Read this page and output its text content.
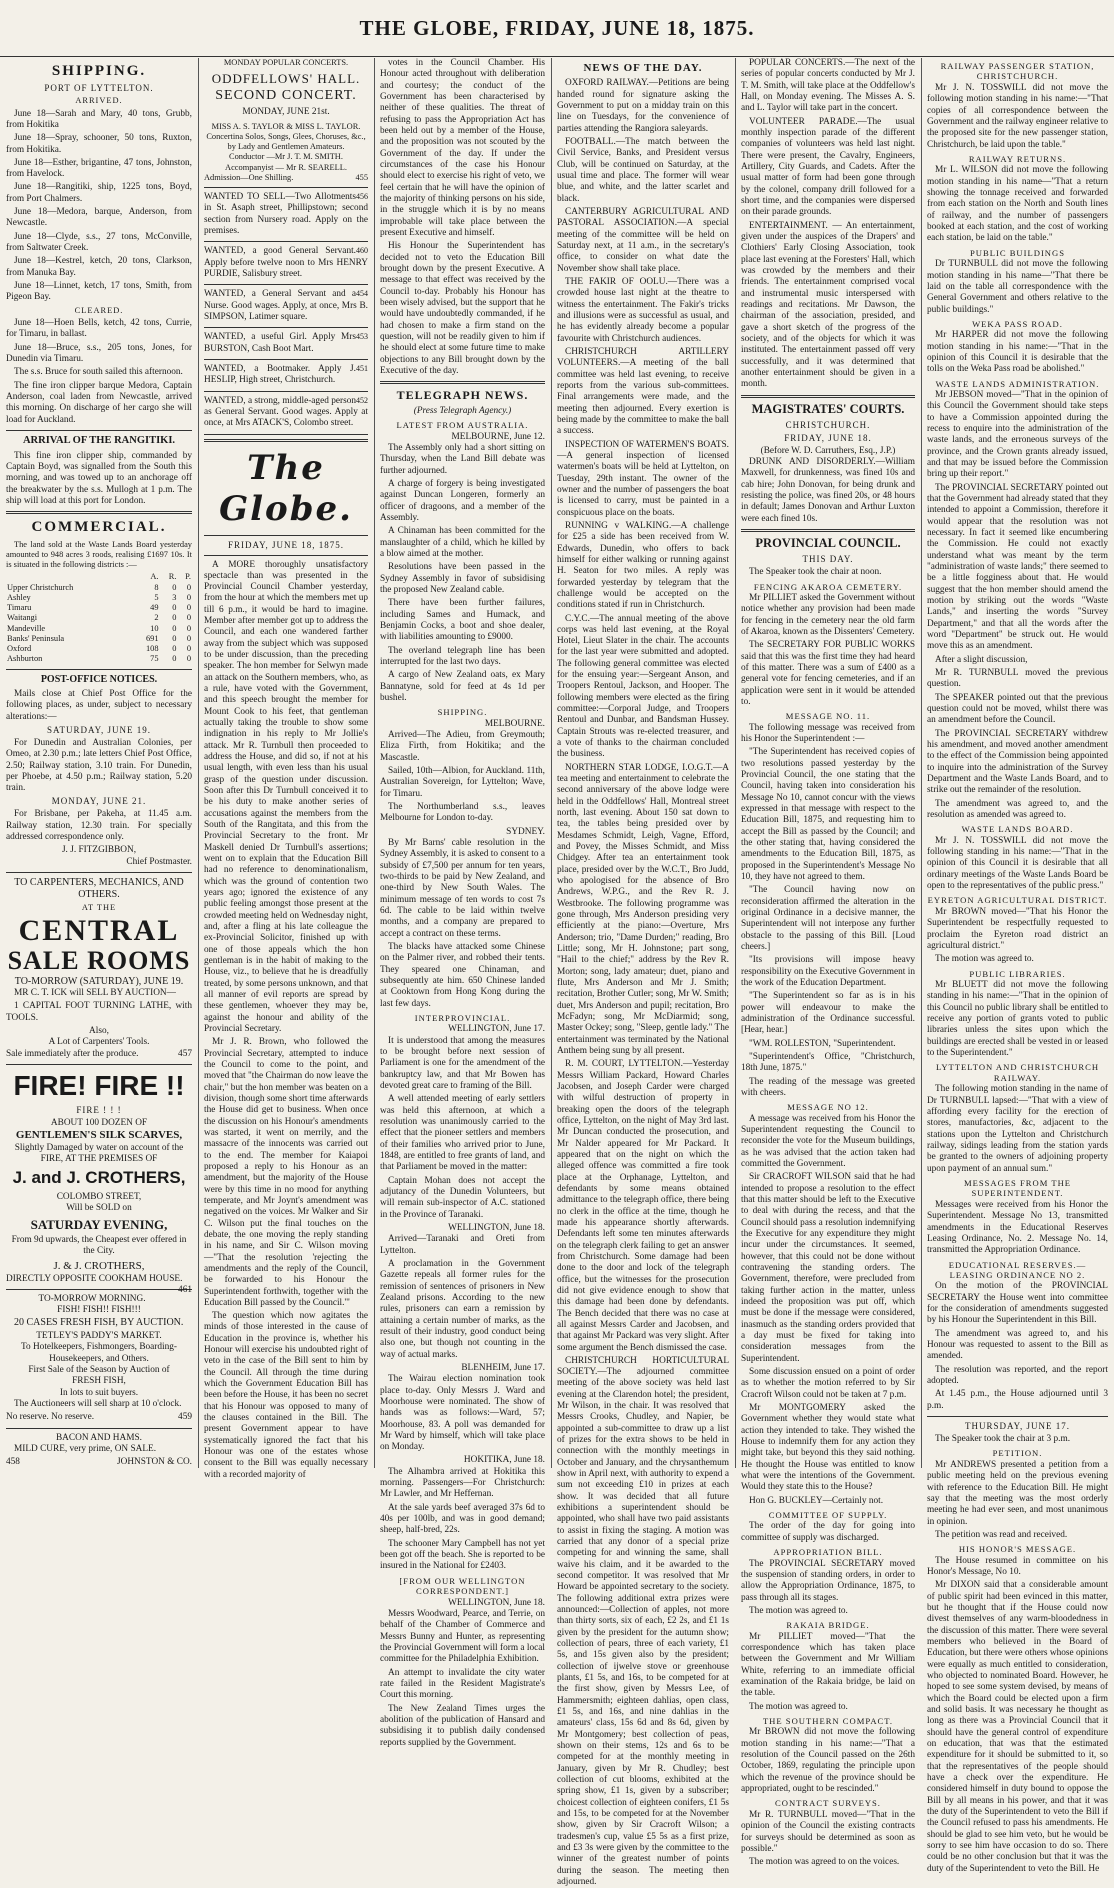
THE GLOBE, FRIDAY, JUNE 18, 1875.
SHIPPING.
PORT OF LYTTELTON.
ARRIVED.

June 18—Sarah and Mary, 40 tons, Grubb, from Hokitika

June 18—Spray, schooner, 50 tons, Ruxton, from Hokitika.

June 18—Esther, brigantine, 47 tons, Johnston, from Havelock.

June 18—Rangitiki, ship, 1225 tons, Boyd, from Port Chalmers.

June 18—Medora, barque, Anderson, from Newcastle.

June 18—Clyde, s.s., 27 tons, McConville, from Saltwater Creek.

June 18—Kestrel, ketch, 20 tons, Clarkson, from Manuka Bay.

June 18—Linnet, ketch, 17 tons, Smith, from Pigeon Bay.

CLEARED.

June 18—Hoen Bells, ketch, 42 tons, Currie, for Timaru, in ballast.

June 18—Bruce, s.s., 205 tons, Jones, for Dunedin via Timaru.

The s.s. Bruce for south sailed this afternoon.

The fine iron clipper barque Medora, Captain Anderson, coal laden from Newcastle, arrived this morning. On discharge of her cargo she will load for Auckland.

ARRIVAL OF THE RANGITIKI.

This fine iron clipper ship, commanded by Captain Boyd, was signalled from the South this morning, and was towed up to an anchorage off the breakwater by the s.s. Mullogh at 1 p.m. The ship will load at this port for London.

COMMERCIAL.

The land sold at the Waste Lands Board yesterday amounted to 948 acres 3 roods, realising £1697 10s. It is situated in the following districts :—

	A.	R.	P.
Upper Christchurch	8	0	0
Ashley	5	3	0
Timaru	49	0	0
Waitangi	2	0	0
Mandeville	10	0	0
Banks' Peninsula	691	0	0
Oxford	108	0	0
Ashburton	75	0	0
POST-OFFICE NOTICES.

Mails close at Chief Post Office for the following places, as under, subject to necessary alterations:—

SATURDAY, JUNE 19.

For Dunedin and Australian Colonies, per Omeo, at 2.30 p.m.; late letters Chief Post Office, 2.50; Railway station, 3.10 train. For Dunedin, per Phoebe, at 4.50 p.m.; Railway station, 5.20 train.

MONDAY, JUNE 21.

For Brisbane, per Pakeha, at 11.45 a.m. Railway station, 12.30 train. For specially addressed correspondence only.

J. J. FITZGIBBON,
Chief Postmaster.
TO CARPENTERS, MECHANICS, AND OTHERS.
AT THE
CENTRAL
SALE ROOMS
TO-MORROW (SATURDAY), JUNE 19.

MR C. T. ICK will SELL BY AUCTION—

1 CAPITAL FOOT TURNING LATHE, with TOOLS.

Also,
A Lot of Carpenters' Tools.
Sale immediately after the produce.	457
FIRE! FIRE !!
FIRE ! ! !
ABOUT 100 DOZEN OF
GENTLEMEN'S SILK SCARVES,
Slightly Damaged by water on account of the
FIRE, AT THE PREMISES OF
J. and J. CROTHERS,
COLOMBO STREET,
Will be SOLD on
SATURDAY EVENING,
From 9d upwards, the Cheapest ever offered in the City.
J. & J. CROTHERS,
DIRECTLY OPPOSITE COOKHAM HOUSE.
461
TO-MORROW MORNING.
FISH! FISH!! FISH!!!

20 CASES FRESH FISH, BY AUCTION.

TETLEY'S PADDY'S MARKET.
To Hotelkeepers, Fishmongers, Boarding-Housekeepers, and Others.
First Sale of the Season by Auction of
FRESH FISH,
In lots to suit buyers.

The Auctioneers will sell sharp at 10 o'clock.

No reserve. No reserve.	459
BACON AND HAMS.

MILD CURE, very prime, ON SALE.

458	JOHNSTON & CO.
MONDAY POPULAR CONCERTS.
ODDFELLOWS' HALL.
SECOND CONCERT.
MONDAY, JUNE 21st.
MISS A. S. TAYLOR & MISS L. TAYLOR.
Concertina Solos, Songs, Glees, Choruses, &c., by Lady and Gentlemen Amateurs.
Conductor —Mr J. T. M. SMITH.
Accompanyist — Mr R. SEARELL.
Admission—One Shilling.	455
456
WANTED TO SELL—Two Allotments in St. Asaph street, Phillipstown; second section from Nursery road. Apply on the premises.
460
WANTED, a good General Servant. Apply before twelve noon to Mrs HENRY PURDIE, Salisbury street.
454
WANTED, a General Servant and a Nurse. Good wages. Apply, at once, Mrs B. SIMPSON, Latimer square.
453
WANTED, a useful Girl. Apply Mrs BURSTON, Cash Boot Mart.
451
WANTED, a Bootmaker. Apply J. HESLIP, High street, Christchurch.
452
WANTED, a strong, middle-aged person as General Servant. Good wages. Apply at once, at Mrs ATACK'S, Colombo street.
The Globe.
FRIDAY, JUNE 18, 1875.

A MORE thoroughly unsatisfactory spectacle than was presented in the Provincial Council Chamber yesterday, from the hour at which the members met up till 6 p.m., it would be hard to imagine. Member after member got up to address the Council, and each one wandered farther away from the subject which was supposed to be under discussion, than the preceding speaker. The hon member for Selwyn made an attack on the Southern members, who, as a rule, have voted with the Government, and this speech brought the member for Mount Cook to his feet, that gentleman actually taking the trouble to show some indignation in his reply to Mr Jollie's attack. Mr R. Turnbull then proceeded to address the House, and did so, if not at his usual length, with even less than his usual grasp of the question under discussion. Soon after this Dr Turnbull conceived it to be his duty to make another series of accusations against the members from the South of the Rangitata, and this from the Provincial Secretary to the front. Mr Maskell denied Dr Turnbull's assertions; went on to explain that the Education Bill had no reference to denominationalism, which was the ground of contention two years ago; ignored the existence of any public feeling amongst those present at the crowded meeting held on Wednesday night, and, after a fling at his late colleague the ex-Provincial Solicitor, finished up with one of those appeals which the hon gentleman is in the habit of making to the House, viz., to believe that he is dreadfully treated, by some persons unknown, and that all manner of evil reports are spread by these gentlemen, whoever they may be, against the honour and ability of the Provincial Secretary.

Mr J. R. Brown, who followed the Provincial Secretary, attempted to induce the Council to come to the point, and moved that "the Chairman do now leave the chair," but the hon member was beaten on a division, though some short time afterwards the House did get to business. When once the discussion on his Honour's amendments was started, it went on merrily, and the massacre of the innocents was carried out to the end. The member for Kaiapoi proposed a reply to his Honour as an amendment, but the majority of the House were by this time in no mood for anything temperate, and Mr Joynt's amendment was negatived on the voices. Mr Walker and Sir C. Wilson put the final touches on the debate, the one moving the reply standing in his name, and Sir C. Wilson moving—"That the resolution 'rejecting the amendments and the reply of the Council, be forwarded to his Honour the Superintendent forthwith, together with the Education Bill passed by the Council.'"

The question which now agitates the minds of those interested in the cause of Education in the province is, whether his Honour will exercise his undoubted right of veto in the case of the Bill sent to him by the Council. All through the time during which the Government Education Bill has been before the House, it has been no secret that his Honour was opposed to many of the clauses contained in the Bill. The present Government appear to have systematically ignored the fact that his Honour was one of the estates whose consent to the Bill was equally necessary with a recorded majority of

votes in the Council Chamber. His Honour acted throughout with deliberation and courtesy; the conduct of the Government has been characterised by neither of these qualities. The threat of refusing to pass the Appropriation Act has been held out by a member of the House, and the proposition was not scouted by the Government of the day. If under the circumstances of the case his Honour should elect to exercise his right of veto, we feel certain that he will have the opinion of the majority of thinking persons on his side, in the struggle which it is by no means improbable will take place between the present Executive and himself.

His Honour the Superintendent has decided not to veto the Education Bill brought down by the present Executive. A message to that effect was received by the Council to-day. Probably his Honour has been wisely advised, but the support that he would have undoubtedly commanded, if he had chosen to make a firm stand on the question, will not be readily given to him if he should elect at some future time to make objections to any Bill brought down by the Executive of the day.

TELEGRAPH NEWS.
(Press Telegraph Agency.)
LATEST FROM AUSTRALIA.
MELBOURNE, June 12.

The Assembly only had a short sitting on Thursday, when the Land Bill debate was further adjourned.

A charge of forgery is being investigated against Duncan Longeren, formerly an officer of dragoons, and a member of the Assembly.

A Chinaman has been committed for the manslaughter of a child, which he killed by a blow aimed at the mother.

Resolutions have been passed in the Sydney Assembly in favor of subsidising the proposed New Zealand cable.

There have been further failures, including Sames and Humack, and Benjamin Cocks, a boot and shoe dealer, with liabilities amounting to £9000.

The overland telegraph line has been interrupted for the last two days.

A cargo of New Zealand oats, ex Mary Bannatyne, sold for feed at 4s 1d per bushel.

SHIPPING.
MELBOURNE.

Arrived—The Adieu, from Greymouth; Eliza Firth, from Hokitika; and the Mascastle.

Sailed, 10th—Albion, for Auckland. 11th, Australian Sovereign, for Lyttelton; Wave, for Timaru.

The Northumberland s.s., leaves Melbourne for London to-day.

SYDNEY.

By Mr Barns' cable resolution in the Sydney Assembly, it is asked to consent to a subsidy of £7,500 per annum for ten years, two-thirds to be paid by New Zealand, and one-third by New South Wales. The minimum message of ten words to cost 7s 6d. The cable to be laid within twelve months, and a company are prepared to accept a contract on these terms.

The blacks have attacked some Chinese on the Palmer river, and robbed their tents. They speared one Chinaman, and subsequently ate him. 650 Chinese landed at Cooktown from Hong Kong during the last few days.

INTERPROVINCIAL.
WELLINGTON, June 17.

It is understood that among the measures to be brought before next session of Parliament is one for the amendment of the bankruptcy law, and that Mr Bowen has devoted great care to framing of the Bill.

A well attended meeting of early settlers was held this afternoon, at which a resolution was unanimously carried to the effect that the pioneer settlers and members of their families who arrived prior to June, 1848, are entitled to free grants of land, and that Parliament be moved in the matter:

Captain Mohan does not accept the adjutancy of the Dunedin Volunteers, but will remain sub-inspector of A.C. stationed in the Province of Taranaki.

WELLINGTON, June 18.

Arrived—Taranaki and Oreti from Lyttelton.

A proclamation in the Government Gazette repeals all former rules for the remission of sentences of prisoners in New Zealand prisons. According to the new rules, prisoners can earn a remission by attaining a certain number of marks, as the result of their industry, good conduct being also one, but though not counting in the way of actual marks.

BLENHEIM, June 17.

The Wairau election nomination took place to-day. Only Messrs J. Ward and Moorhouse were nominated. The show of hands was as follows:—Ward, 57; Moorhouse, 83. A poll was demanded for Mr Ward by himself, which will take place on Monday.

HOKITIKA, June 18.

The Alhambra arrived at Hokitika this morning. Passengers—For Christchurch: Mr Lawler, and Mr Heffernan.

At the sale yards beef averaged 37s 6d to 40s per 100lb, and was in good demand; sheep, half-bred, 22s.

The schooner Mary Campbell has not yet been got off the beach. She is reported to be insured in the National for £2403.

[FROM OUR WELLINGTON CORRESPONDENT.]
WELLINGTON, June 18.

Messrs Woodward, Pearce, and Terrie, on behalf of the Chamber of Commerce and Messrs Bunny and Hunter, as representing the Provincial Government will form a local committee for the Philadelphia Exhibition.

An attempt to invalidate the city water rate failed in the Resident Magistrate's Court this morning.

The New Zealand Times urges the abolition of the publication of Hansard and subsidising it to publish daily condensed reports supplied by the Government.

NEWS OF THE DAY.

OXFORD RAILWAY.—Petitions are being handed round for signature asking the Government to put on a midday train on this line on Tuesdays, for the convenience of parties attending the Rangiora saleyards.

FOOTBALL.—The match between the Civil Service, Banks, and President versus Club, will be continued on Saturday, at the usual time and place. The former will wear blue, and white, and the latter scarlet and black.

CANTERBURY AGRICULTURAL AND PASTORAL ASSOCIATION.—A special meeting of the committee will be held on Saturday next, at 11 a.m., in the secretary's office, to consider on what date the November show shall take place.

THE FAKIR OF OOLU.—There was a crowded house last night at the theatre to witness the entertainment. The Fakir's tricks and illusions were as successful as usual, and he has evidently already become a popular favourite with Christchurch audiences.

CHRISTCHURCH ARTILLERY VOLUNTEERS.—A meeting of the ball committee was held last evening, to receive reports from the various sub-committees. Final arrangements were made, and the meeting then adjourned. Every exertion is being made by the committee to make the ball a success.

INSPECTION OF WATERMEN'S BOATS.—A general inspection of licensed watermen's boats will be held at Lyttelton, on Tuesday, 29th instant. The owner of the owner and the number of passengers the boat is licensed to carry, must be painted in a conspicuous place on the boats.

RUNNING v WALKING.—A challenge for £25 a side has been received from W. Edwards, Dunedin, who offers to back himself for either walking or running against H. Seaton for two miles. A reply was forwarded yesterday by telegram that the challenge would be accepted on the conditions stated if run in Christchurch.

C.Y.C.—The annual meeting of the above corps was held last evening, at the Royal Hotel, Lieut Slater in the chair. The accounts for the last year were submitted and adopted. The following general committee was elected for the ensuing year:—Sergeant Anson, and Troopers Rentoul, Jackson, and Hooper. The following members were elected as the firing committee:—Corporal Judge, and Troopers Rentoul and Dunbar, and Bandsman Hussey. Captain Strouts was re-elected treasurer, and a vote of thanks to the chairman concluded the business.

NORTHERN STAR LODGE, I.O.G.T.—A tea meeting and entertainment to celebrate the second anniversary of the above lodge were held in the Oddfellows' Hall, Montreal street north, last evening. About 150 sat down to tea, the tables being presided over by Mesdames Schmidt, Leigh, Vagne, Efford, and Povey, the Misses Schmidt, and Miss Chidgey. After tea an entertainment took place, presided over by the W.C.T., Bro Judd, who apologised for the absence of Bro Andrews, W.P.G., and the Rev R. J. Westbrooke. The following programme was gone through, Mrs Anderson presiding very efficiently at the piano:—Overture, Mrs Anderson; trio, "Dame Durden;" reading, Bro Little; song, Mr H. Johnstone; part song, "Hail to the chief;" address by the Rev R. Morton; song, lady amateur; duet, piano and flute, Mrs Anderson and Mr J. Smith; recitation, Brother Cutler; song, Mr W. Smith; duet, Mrs Anderson and pupil; recitation, Bro McFadyn; song, Mr McDiarmid; song, Master Ockey; song, "Sleep, gentle lady." The entertainment was terminated by the National Anthem being sung by all present.

R. M. COURT, LYTTELTON.—Yesterday Messrs William Packard, Howard Charles Jacobsen, and Joseph Carder were charged with wilful destruction of property in breaking open the doors of the telegraph office, Lyttelton, on the night of May 3rd last. Mr Duncan conducted the prosecution, and Mr Nalder appeared for Mr Packard. It appeared that on the night on which the alleged offence was committed a fire took place at the Orphanage, Lyttelton, and defendants by some means obtained admittance to the telegraph office, there being no clerk in the office at the time, though he made his appearance shortly afterwards. Defendants left some ten minutes afterwards on the telegraph clerk failing to get an answer from Christchurch. Some damage had been done to the door and lock of the telegraph office, but the witnesses for the prosecution did not give evidence enough to show that this damage had been done by defendants. The Bench decided that there was no case at all against Messrs Carder and Jacobsen, and that against Mr Packard was very slight. After some argument the Bench dismissed the case.

CHRISTCHURCH HORTICULTURAL SOCIETY.—The adjourned committee meeting of the above society was held last evening at the Clarendon hotel; the president, Mr Wilson, in the chair. It was resolved that Messrs Crooks, Chudley, and Napier, be appointed a sub-committee to draw up a list of prizes for the extra shows to be held in connection with the monthly meetings in October and January, and the chrysanthemum show in April next, with authority to expend a sum not exceeding £10 in prizes at each show. It was decided that all future exhibitions a superintendent should be appointed, who shall have two paid assistants to assist in fixing the staging. A motion was carried that any donor of a special prize competing for and winning the same, shall waive his claim, and it be awarded to the second competitor. It was resolved that Mr Howard be appointed secretary to the society. The following additional extra prizes were announced:—Collection of apples, not more than thirty sorts, six of each, £2 2s, and £1 1s given by the president for the autumn show; collection of pears, three of each variety, £1 5s, and 15s given also by the president; collection of ijwelve stove or greenhouse plants, £1 5s, and 16s, to be competed for at the first show, given by Messrs Lee, of Hammersmith; eighteen dahlias, open class, £1 5s, and 16s, and nine dahlias in the amateurs' class, 15s 6d and 8s 6d, given by Mr Montgomery; best collection of peas, shown on their stems, 12s and 6s to be competed for at the monthly meeting in January, given by Mr R. Chudley; best collection of cut blooms, exhibited at the spring show, £1 1s, given by a subscriber; choicest collection of eighteen conifers, £1 5s and 15s, to be competed for at the November show, given by Sir Cracroft Wilson; a tradesmen's cup, value £5 5s as a first prize, and £3 3s were given by the committee to the winner of the greatest number of points during the season. The meeting then adjourned.

POPULAR CONCERTS.—The next of the series of popular concerts conducted by Mr J. T. M. Smith, will take place at the Oddfellow's Hall, on Monday evening. The Misses A. S. and L. Taylor will take part in the concert.

VOLUNTEER PARADE.—The usual monthly inspection parade of the different companies of volunteers was held last night. There were present, the Cavalry, Engineers, Artillery, City Guards, and Cadets. After the usual matter of form had been gone through by the colonel, company drill followed for a short time, and the companies were dispersed on their parade grounds.

ENTERTAINMENT. — An entertainment, given under the auspices of the Drapers' and Clothiers' Early Closing Association, took place last evening at the Foresters' Hall, which was crowded by the members and their friends. The entertainment comprised vocal and instrumental music interspersed with readings and recitations. Mr Dawson, the chairman of the association, presided, and gave a short sketch of the progress of the society, and of the objects for which it was instituted. The entertainment passed off very successfully, and it was determined that another entertainment should be given in a month.

MAGISTRATES' COURTS.
CHRISTCHURCH.
FRIDAY, JUNE 18.
(Before W. D. Carruthers, Esq., J.P.)

DRUNK AND DISORDERLY.—William Maxwell, for drunkenness, was fined 10s and cab hire; John Donovan, for being drunk and resisting the police, was fined 20s, or 48 hours in default; James Donovan and Arthur Luxton were each fined 10s.

PROVINCIAL COUNCIL.
THIS DAY.

The Speaker took the chair at noon.

FENCING AKAROA CEMETERY.

Mr PILLIET asked the Government without notice whether any provision had been made for fencing in the cemetery near the old farm of Akaroa, known as the Dissenters' Cemetery.

The SECRETARY FOR PUBLIC WORKS said that this was the first time they had heard of this matter. There was a sum of £400 as a general vote for fencing cemeteries, and if an application were sent in it would be attended to.

MESSAGE NO. 11.

The following message was received from his Honor the Superintendent :—

"The Superintendent has received copies of two resolutions passed yesterday by the Provincial Council, the one stating that the Council, having taken into consideration his Message No 10, cannot concur with the views expressed in that message with respect to the Education Bill, 1875, and requesting him to accept the Bill as passed by the Council; and the other stating that, having considered the amendments to the Education Bill, 1875, as proposed in the Superintendent's Message No 10, they have not agreed to them.

"The Council having now on reconsideration affirmed the alteration in the original Ordinance in a decisive manner, the Superintendent will not interpose any further obstacle to the passing of this Bill. [Loud cheers.]

"Its provisions will impose heavy responsibility on the Executive Government in the work of the Education Department.

"The Superintendent so far as is in his power will endeavour to make the administration of the Ordinance successful. [Hear, hear.]

"WM. ROLLESTON, "Superintendent.

"Superintendent's Office, "Christchurch, 18th June, 1875."

The reading of the message was greeted with cheers.

MESSAGE NO 12.

A message was received from his Honor the Superintendent requesting the Council to reconsider the vote for the Museum buildings, as he was advised that the action taken had committed the Government.

Sir CRACROFT WILSON said that he had intended to propose a resolution to the effect that this matter should be left to the Executive to deal with during the recess, and that the Council should pass a resolution indemnifying the Executive for any expenditure they might incur under the circumstances. It seemed, however, that this could not be done without contravening the standing orders. The Government, therefore, were precluded from taking further action in the matter, unless indeed the proposition was put off, which must be done if the message were considered, inasmuch as the standing orders provided that a day must be fixed for taking into consideration messages from the Superintendent.

Some discussion ensued on a point of order as to whether the motion referred to by Sir Cracroft Wilson could not be taken at 7 p.m.

Mr MONTGOMERY asked the Government whether they would state what action they intended to take. They wished the House to indemnify them for any action they might take, but beyond this they said nothing. He thought the House was entitled to know what were the intentions of the Government. Would they state this to the House?

Hon G. BUCKLEY—Certainly not.

COMMITTEE OF SUPPLY.

The order of the day for going into committee of supply was discharged.

APPROPRIATION BILL.

The PROVINCIAL SECRETARY moved the suspension of standing orders, in order to allow the Appropriation Ordinance, 1875, to pass through all its stages.

The motion was agreed to.

RAKAIA BRIDGE.

Mr PILLIET moved—"That the correspondence which has taken place between the Government and Mr William White, referring to an immediate official examination of the Rakaia bridge, be laid on the table.

The motion was agreed to.

THE SOUTHERN COMPACT.

Mr BROWN did not move the following motion standing in his name:—"That a resolution of the Council passed on the 26th October, 1869, regulating the principle upon which the revenue of the province should be appropriated, ought to be rescinded."

CONTRACT SURVEYS.

Mr R. TURNBULL moved—"That in the opinion of the Council the existing contracts for surveys should be determined as soon as possible."

The motion was agreed to on the voices.

RAILWAY PASSENGER STATION, CHRISTCHURCH.

Mr J. N. TOSSWILL did not move the following motion standing in his name:—"That copies of all correspondence between the Government and the railway engineer relative to the proposed site for the new passenger station, Christchurch, be laid upon the table."

RAILWAY RETURNS.

Mr L. WILSON did not move the following motion standing in his name—"That a return showing the tonnage received and forwarded from each station on the North and South lines of railway, and the number of passengers booked at each station, and the cost of working each station, be laid on the table."

PUBLIC BUILDINGS

Dr TURNBULL did not move the following motion standing in his name—"That there be laid on the table all correspondence with the General Government and others relative to the public buildings."

WEKA PASS ROAD.

Mr HARPER did not move the following motion standing in his name:—"That in the opinion of this Council it is desirable that the tolls on the Weka Pass road be abolished."

WASTE LANDS ADMINISTRATION.

Mr JEBSON moved—"That in the opinion of this Council the Government should take steps to have a Commission appointed during the recess to enquire into the administration of the waste lands, and the erroneous surveys of the province, and the Crown grants already issued, and that may be issued before the Commission bring up their report."

The PROVINCIAL SECRETARY pointed out that the Government had already stated that they intended to appoint a Commission, therefore it would appear that the resolution was not necessary. In fact it seemed like encumbering the Commission. He could not exactly understand what was meant by the term "administration of waste lands;" there seemed to be a little fogginess about that. He would suggest that the hon member should amend the motion by striking out the words "Waste Lands," and inserting the words "Survey Department," and that all the words after the word "Department" be struck out. He would move this as an amendment.

After a slight discussion,

Mr R. TURNBULL moved the previous question.

The SPEAKER pointed out that the previous question could not be moved, whilst there was an amendment before the Council.

The PROVINCIAL SECRETARY withdrew his amendment, and moved another amendment to the effect of the Commission being appointed to inquire into the administration of the Survey Department and the Waste Lands Board, and to strike out the remainder of the resolution.

The amendment was agreed to, and the resolution as amended was agreed to.

WASTE LANDS BOARD.

Mr J. N. TOSSWILL did not move the following standing in his name:—"That in the opinion of this Council it is desirable that all ordinary meetings of the Waste Lands Board be open to the representatives of the public press."

EYRETON AGRICULTURAL DISTRICT.

Mr BROWN moved—"That his Honor the Superintendent be respectfully requested to proclaim the Eyreton road district an agricultural district."

The motion was agreed to.

PUBLIC LIBRARIES.

Mr BLUETT did not move the following standing in his name:—"That in the opinion of this Council no public library shall be entitled to receive any portion of grants voted to public libraries unless the sites upon which the buildings are erected shall be vested in or leased to the Superintendent."

LYTTELTON AND CHRISTCHURCH RAILWAY.

The following motion standing in the name of Dr TURNBULL lapsed:—"That with a view of affording every facility for the erection of stores, manufactories, &c, adjacent to the stations upon the Lyttelton and Christchurch railway, sidings leading from the station yards be granted to the owners of adjoining property upon payment of an annual sum."

MESSAGES FROM THE SUPERINTENDENT.

Messages were received from his Honor the Superintendent. Message No 13, transmitted amendments in the Educational Reserves Leasing Ordinance, No. 2. Message No. 14, transmitted the Appropriation Ordinance.

EDUCATIONAL RESERVES.—LEASING ORDINANCE NO 2.

On the motion of the PROVINCIAL SECRETARY the House went into committee for the consideration of amendments suggested by his Honour the Superintendent in this Bill.

The amendment was agreed to, and his Honour was requested to assent to the Bill as amended.

The resolution was reported, and the report adopted.

At 1.45 p.m., the House adjourned until 3 p.m.

THURSDAY, JUNE 17.

The Speaker took the chair at 3 p.m.

PETITION.

Mr ANDREWS presented a petition from a public meeting held on the previous evening with reference to the Education Bill. He might say that the meeting was the most orderly meeting he had ever seen, and most unanimous in opinion.

The petition was read and received.

HIS HONOR'S MESSAGE.

The House resumed in committee on his Honor's Message, No 10.

Mr DIXON said that a considerable amount of public spirit had been evinced in this matter, but he thought that if the House could now divest themselves of any warm-bloodedness in the discussion of this matter. There were several members who believed in the Board of Education, but there were others whose opinions were equally as much entitled to consideration, who objected to nominated Board. However, he hoped to see some system devised, by means of which the Board could be elected upon a firm and solid basis. It was necessary he thought as long as there was a Provincial Council that it should have the general control of expenditure on education, that was that the estimated expenditure for it should be submitted to it, so that the representatives of the people should have a check over the expenditure. He considered himself in duty bound to oppose the Bill by all means in his power, and that it was the duty of the Superintendent to veto the Bill if the Council refused to pass his amendments. He should be glad to see him veto, but he would be sorry to see him have occasion to do so. There could be no other conclusion but that it was the duty of the Superintendent to veto the Bill. He
